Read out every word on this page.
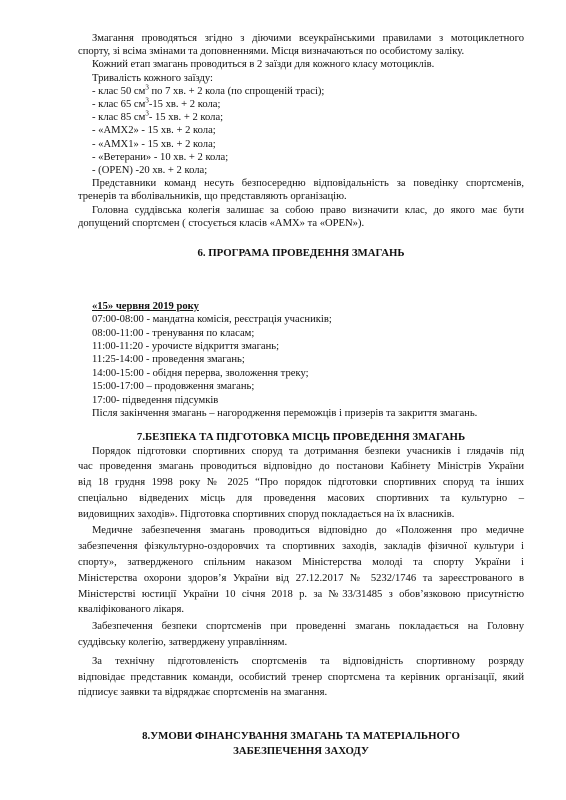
Змагання проводяться згідно з діючими всеукраїнськими правилами з мотоциклетного

спорту, зі всіма змінами та доповненнями. Місця визначаються по особистому заліку.

Кожний етап змагань проводиться в 2 заїзди для кожного класу мотоциклів.

Тривалість кожного заїзду:

- клас 50 $см^3$ по 7 хв. + 2 кола (по спрощеній трасі);

- клас 65 $см^3-15$ хв. + 2 кола;

- клас 85 $см^3-$ 15 хв. + 2 кола;

- «АМХ2» - 15 хв. + 2 кола;

- «АМХ1» - 15 хв. + 2 кола;

- «Ветерани» - 10 хв. + 2 кола;

- (OPEN) -20 хв. + 2 кола;

Представники команд несуть безпосередню відповідальність за поведінку спортсменів,

тренерів та вболівальників, що представляють організацію.

Головна суддівська колегія залишає за собою право визначити клас, до якого має бути

допущений спортсмен ( стосується класів «АМХ» та «OPEN»).

6. ПРОГРАМА ПРОВЕДЕННЯ ЗМАГАНЬ

«15» червня 2019 року

07:00-08:00 - мандатна комісія, реєстрація учасників;

08:00-11:00 - тренування по класам;

11:00-11:20 - урочисте відкриття змагань;

11:25-14:00 - проведення змагань;

14:00-15:00 - обідня перерва, зволоження треку;

15:00-17:00 – продовження змагань;

17:00- підведення підсумків

Після закінчення змагань – нагородження переможців і призерів та закриття змагань.

7.БЕЗПЕКА ТА ПІДГОТОВКА МІСЦЬ ПРОВЕДЕННЯ ЗМАГАНЬ

Порядок підготовки спортивних споруд та дотримання безпеки учасників і глядачів під

час проведення змагань проводиться відповідно до постанови Кабінету Міністрів України

від 18 грудня 1998 року № 2025 “Про порядок підготовки спортивних споруд та інших

спеціально відведених місць для проведення масових спортивних та культурно –

видовищних заходів». Підготовка спортивних споруд покладається на їх власників.

Медичне забезпечення змагань проводиться відповідно до «Положення про медичне

забезпечення фізкультурно-оздоровчих та спортивних заходів, закладів фізичної культури і

спорту», затвердженого спільним наказом Міністерства молоді та спорту України і

Міністерства охорони здоров’я України від 27.12.2017 № 5232/1746 та зареєстрованого в

Міністерстві юстиції України 10 січня 2018 р. за №33/31485 з обов’язковою присутністю

кваліфікованого лікаря.

Забезпечення безпеки спортсменів при проведенні змагань покладається на Головну

суддівську колегію, затверджену управлінням.

За технічну підготовленість спортсменів та відповідність спортивному розряду

відповідає представник команди, особистий тренер спортсмена та керівник організації, який

підписує заявки та відряджає спортсменів на змагання.

8.УМОВИ ФІНАНСУВАННЯ ЗМАГАНЬ ТА МАТЕРІАЛЬНОГО

ЗАБЕЗПЕЧЕННЯ ЗАХОДУ
